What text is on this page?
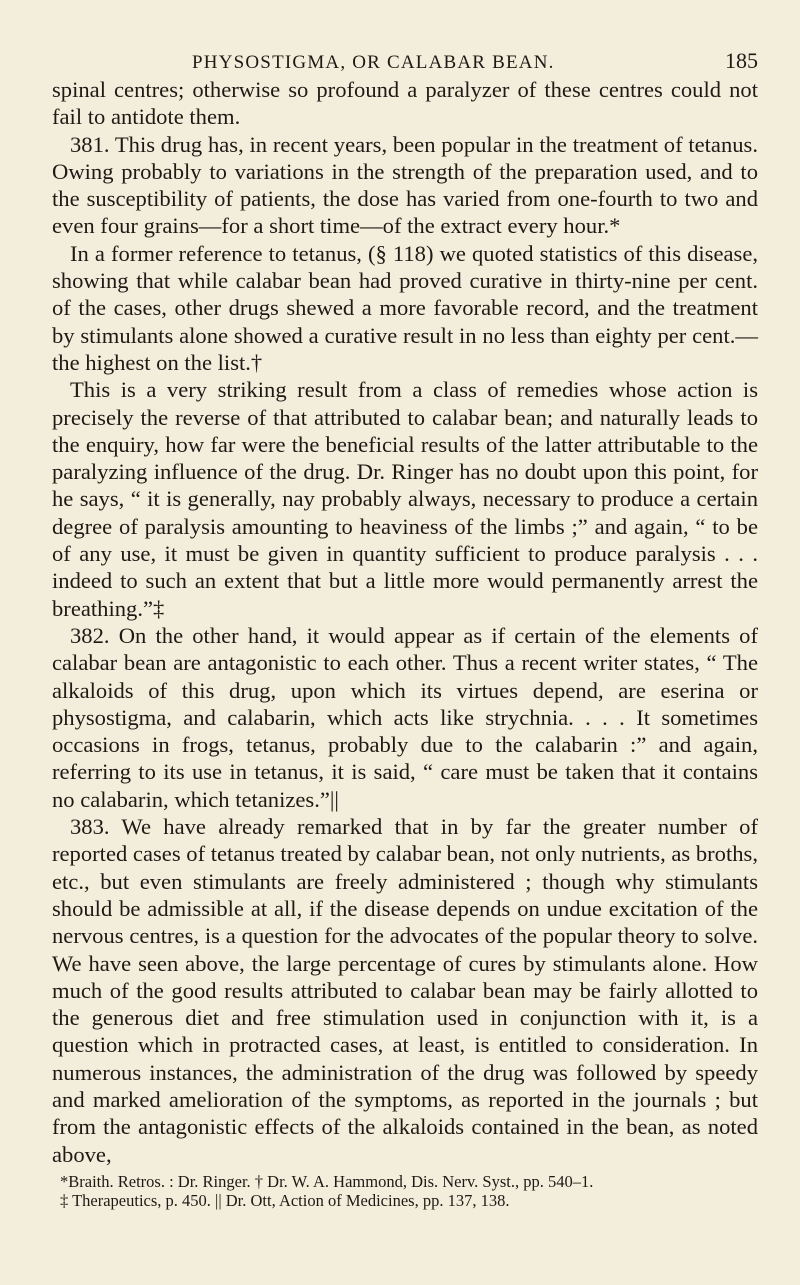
PHYSOSTIGMA, OR CALABAR BEAN.	185

spinal centres; otherwise so profound a paralyzer of these centres could not fail to antidote them.

381. This drug has, in recent years, been popular in the treatment of tetanus. Owing probably to variations in the strength of the preparation used, and to the susceptibility of patients, the dose has varied from one-fourth to two and even four grains—for a short time—of the extract every hour.*

In a former reference to tetanus, (§ 118) we quoted statistics of this disease, showing that while calabar bean had proved curative in thirty-nine per cent. of the cases, other drugs shewed a more favorable record, and the treatment by stimulants alone showed a curative result in no less than eighty per cent.—the highest on the list.†

This is a very striking result from a class of remedies whose action is precisely the reverse of that attributed to calabar bean; and naturally leads to the enquiry, how far were the beneficial results of the latter attributable to the paralyzing influence of the drug. Dr. Ringer has no doubt upon this point, for he says, “ it is generally, nay probably always, necessary to produce a certain degree of paralysis amounting to heaviness of the limbs ;” and again, “ to be of any use, it must be given in quantity sufficient to produce paralysis . . . indeed to such an extent that but a little more would permanently arrest the breathing.”‡

382. On the other hand, it would appear as if certain of the elements of calabar bean are antagonistic to each other. Thus a recent writer states, “ The alkaloids of this drug, upon which its virtues depend, are eserina or physostigma, and calabarin, which acts like strychnia. . . . It sometimes occasions in frogs, tetanus, probably due to the calabarin :” and again, referring to its use in tetanus, it is said, “ care must be taken that it contains no calabarin, which tetanizes.”||

383. We have already remarked that in by far the greater number of reported cases of tetanus treated by calabar bean, not only nutrients, as broths, etc., but even stimulants are freely administered ; though why stimulants should be admissible at all, if the disease depends on undue excitation of the nervous centres, is a question for the advocates of the popular theory to solve. We have seen above, the large percentage of cures by stimulants alone. How much of the good results attributed to calabar bean may be fairly allotted to the generous diet and free stimulation used in conjunction with it, is a question which in protracted cases, at least, is entitled to consideration. In numerous instances, the administration of the drug was followed by speedy and marked amelioration of the symptoms, as reported in the journals ; but from the antagonistic effects of the alkaloids contained in the bean, as noted above,

*Braith. Retros. : Dr. Ringer. † Dr. W. A. Hammond, Dis. Nerv. Syst., pp. 540–1.
‡ Therapeutics, p. 450. || Dr. Ott, Action of Medicines, pp. 137, 138.
